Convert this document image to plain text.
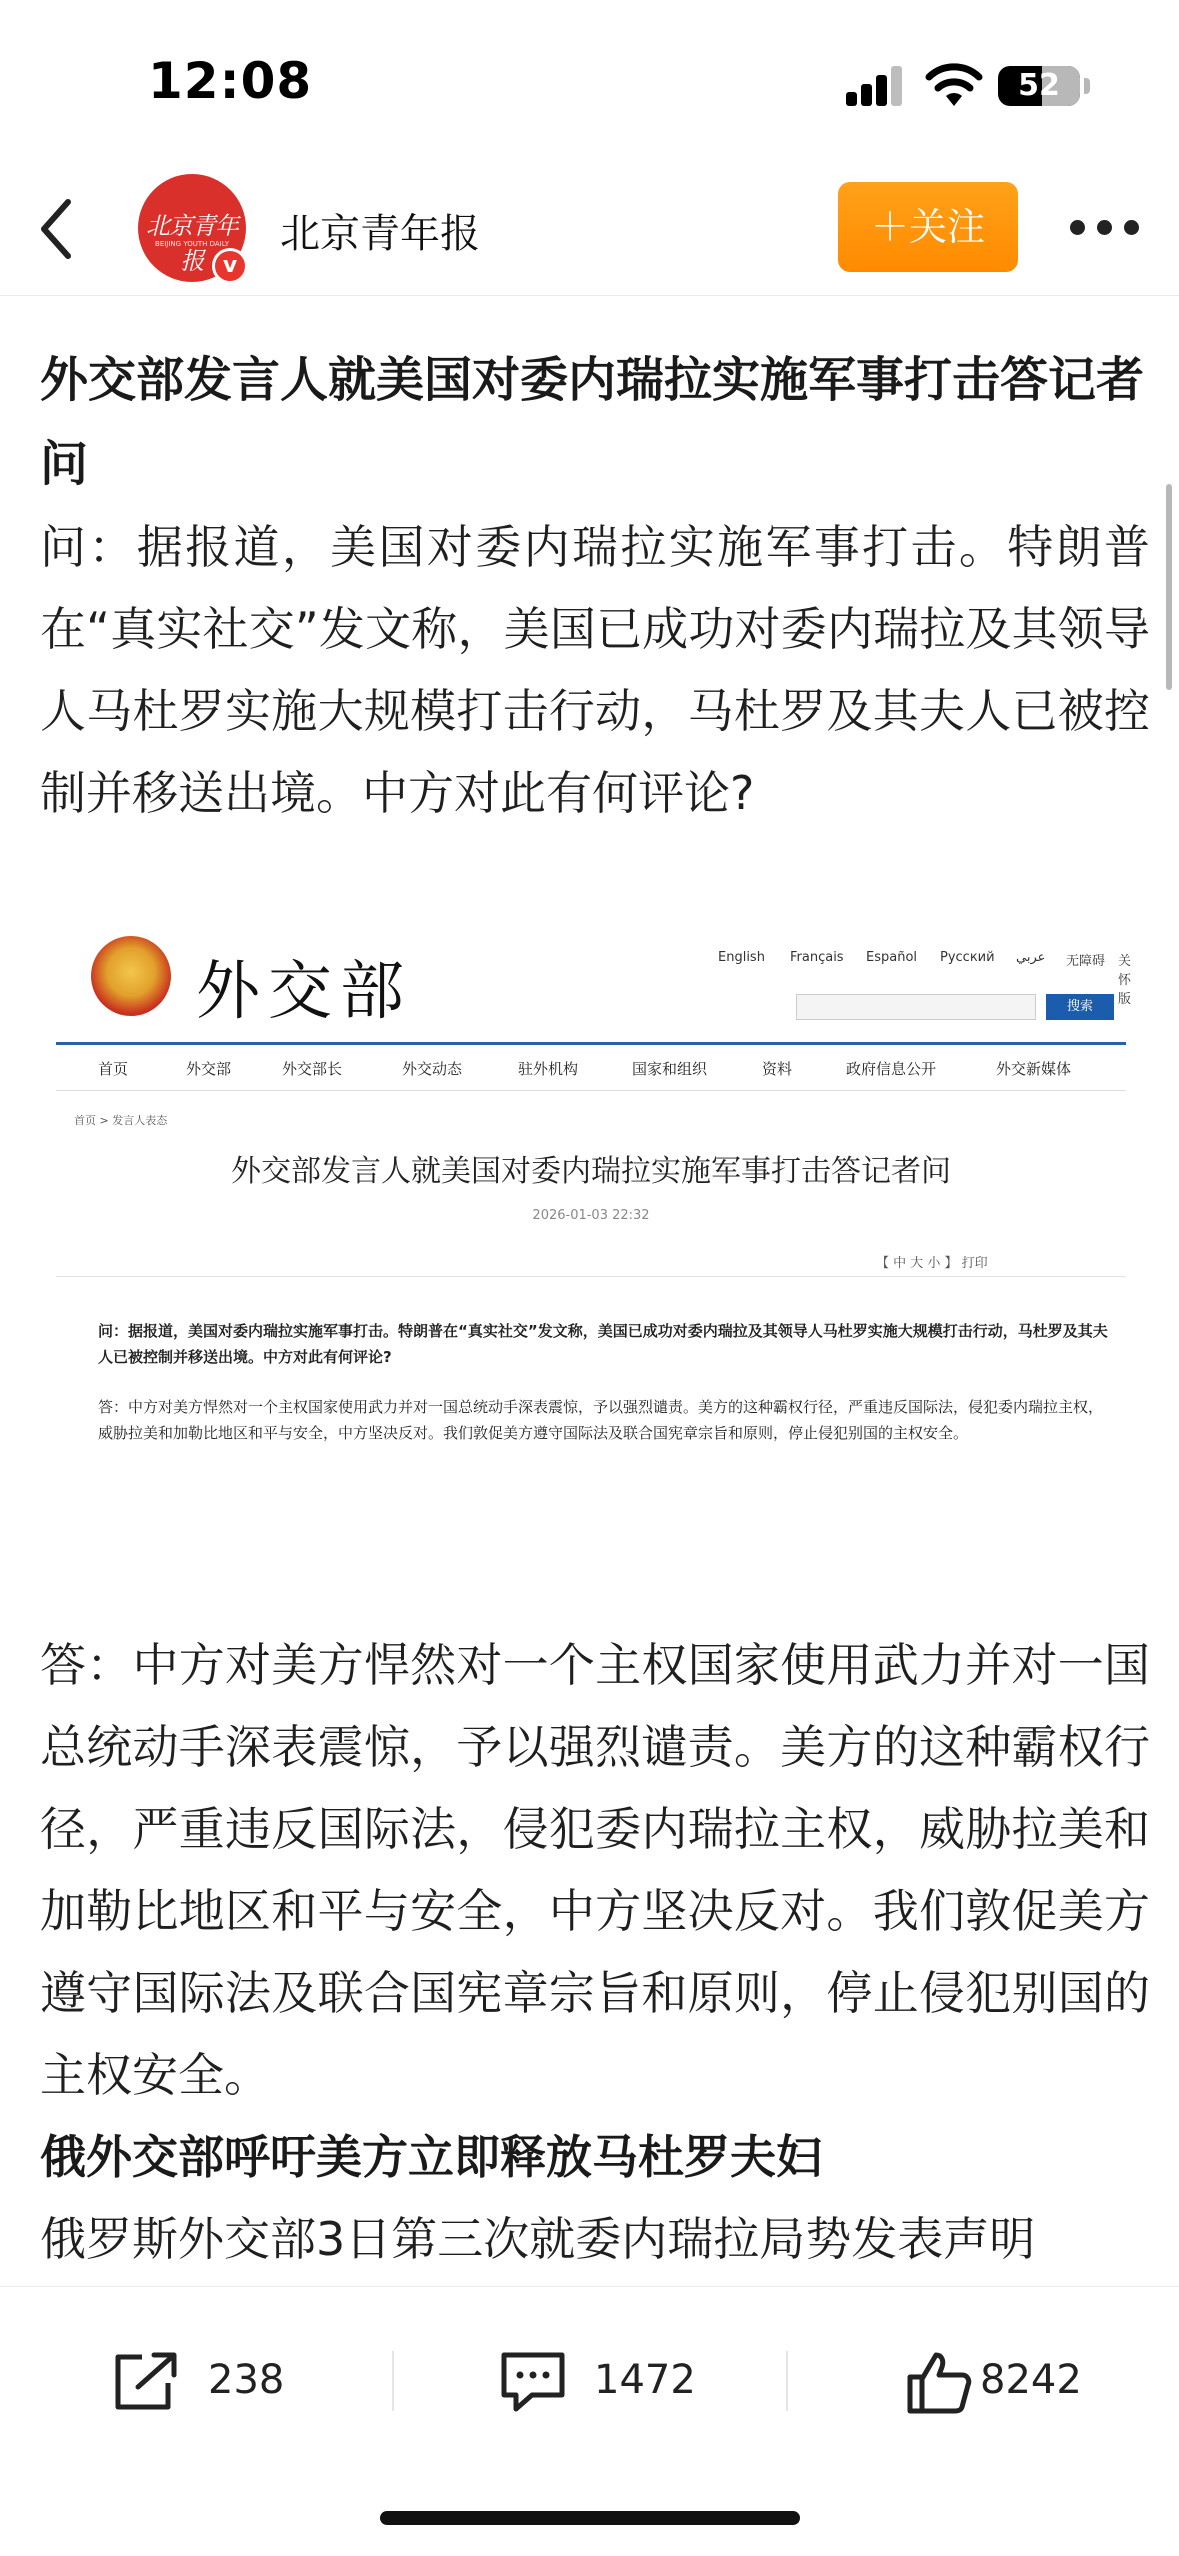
12:08	52
北京青年报
BEIJING YOUTH DAILY
v
北京青年报	＋关注
外交部发言人就美国对委内瑞拉实施军事打击答记者问
问：据报道，美国对委内瑞拉实施军事打击。特朗普在“真实社交”发文称，美国已成功对委内瑞拉及其领导人马杜罗实施大规模打击行动，马杜罗及其夫人已被控制并移送出境。中方对此有何评论?
外交部	English Français Español Русский عربي 无障碍 关怀版
搜索
首页	外交部	外交部长	外交动态	驻外机构	国家和组织	资料	政府信息公开	外交新媒体
首页 > 发言人表态
外交部发言人就美国对委内瑞拉实施军事打击答记者问
2026-01-03 22:32
【 中 大 小 】 打印
问：据报道，美国对委内瑞拉实施军事打击。特朗普在“真实社交”发文称，美国已成功对委内瑞拉及其领导人马杜罗实施大规模打击行动，马杜罗及其夫人已被控制并移送出境。中方对此有何评论?
答：中方对美方悍然对一个主权国家使用武力并对一国总统动手深表震惊，予以强烈谴责。美方的这种霸权行径，严重违反国际法，侵犯委内瑞拉主权，威胁拉美和加勒比地区和平与安全，中方坚决反对。我们敦促美方遵守国际法及联合国宪章宗旨和原则，停止侵犯别国的主权安全。
答：中方对美方悍然对一个主权国家使用武力并对一国总统动手深表震惊，予以强烈谴责。美方的这种霸权行径，严重违反国际法，侵犯委内瑞拉主权，威胁拉美和加勒比地区和平与安全，中方坚决反对。我们敦促美方遵守国际法及联合国宪章宗旨和原则，停止侵犯别国的主权安全。
俄外交部呼吁美方立即释放马杜罗夫妇
俄罗斯外交部3日第三次就委内瑞拉局势发表声明
238	1472	8242
